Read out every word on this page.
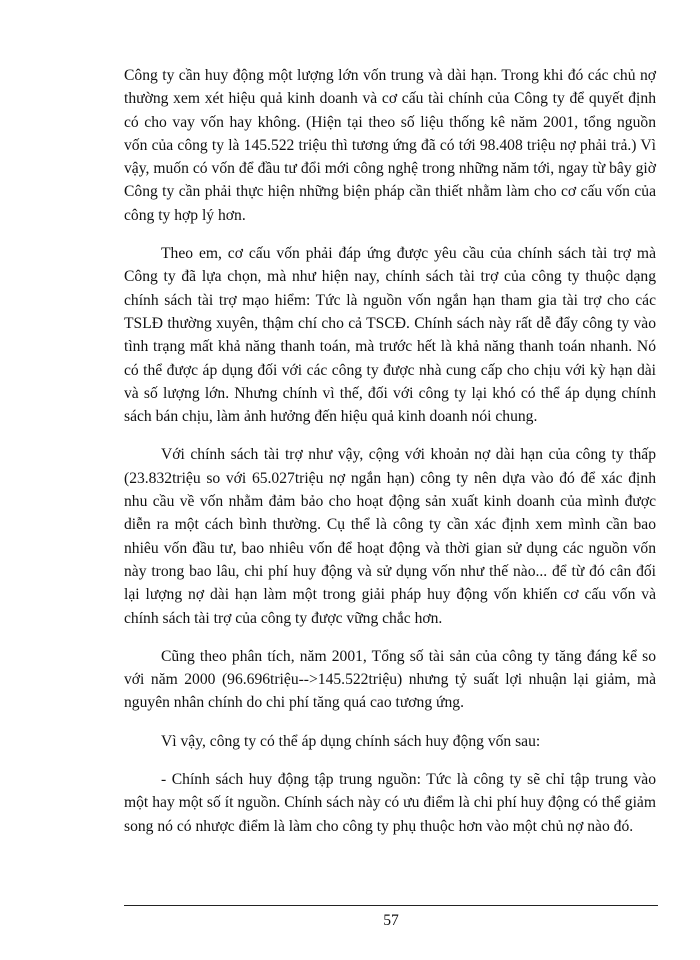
Công ty cần huy động một lượng lớn vốn trung và dài hạn. Trong khi đó các chủ nợ thường xem xét hiệu quả kinh doanh và cơ cấu tài chính của Công ty để quyết định có cho vay vốn hay không. (Hiện tại theo số liệu thống kê năm 2001, tổng nguồn vốn của công ty là 145.522 triệu thì tương ứng đã có tới 98.408 triệu nợ phải trả.) Vì vậy, muốn có vốn để đầu tư đổi mới công nghệ trong những năm tới, ngay từ bây giờ Công ty cần phải thực hiện những biện pháp cần thiết nhằm làm cho cơ cấu vốn của công ty hợp lý hơn.

Theo em, cơ cấu vốn phải đáp ứng được yêu cầu của chính sách tài trợ mà Công ty đã lựa chọn, mà như hiện nay, chính sách tài trợ của công ty thuộc dạng chính sách tài trợ mạo hiểm: Tức là nguồn vốn ngắn hạn tham gia tài trợ cho các TSLĐ thường xuyên, thậm chí cho cả TSCĐ. Chính sách này rất dễ đẩy công ty vào tình trạng mất khả năng thanh toán, mà trước hết là khả năng thanh toán nhanh. Nó có thể được áp dụng đối với các công ty được nhà cung cấp cho chịu với kỳ hạn dài và số lượng lớn. Nhưng chính vì thế, đối với công ty lại khó có thể áp dụng chính sách bán chịu, làm ảnh hưởng đến hiệu quả kinh doanh nói chung.

Với chính sách tài trợ như vậy, cộng với khoản nợ dài hạn của công ty thấp (23.832triệu so với 65.027triệu nợ ngắn hạn) công ty nên dựa vào đó để xác định nhu cầu về vốn nhằm đảm bảo cho hoạt động sản xuất kinh doanh của mình được diễn ra một cách bình thường. Cụ thể là công ty cần xác định xem mình cần bao nhiêu vốn đầu tư, bao nhiêu vốn để hoạt động và thời gian sử dụng các nguồn vốn này trong bao lâu, chi phí huy động và sử dụng vốn như thế nào... để từ đó cân đối lại lượng nợ dài hạn làm một trong giải pháp huy động vốn khiến cơ cấu vốn và chính sách tài trợ của công ty được vững chắc hơn.

Cũng theo phân tích, năm 2001, Tổng số tài sản của công ty tăng đáng kể so với năm 2000 (96.696triệu-->145.522triệu) nhưng tỷ suất lợi nhuận lại giảm, mà nguyên nhân chính do chi phí tăng quá cao tương ứng.

Vì vậy, công ty có thể áp dụng chính sách huy động vốn sau:

- Chính sách huy động tập trung nguồn: Tức là công ty sẽ chỉ tập trung vào một hay một số ít nguồn. Chính sách này có ưu điểm là chi phí huy động có thể giảm song nó có nhược điểm là làm cho công ty phụ thuộc hơn vào một chủ nợ nào đó.

57
